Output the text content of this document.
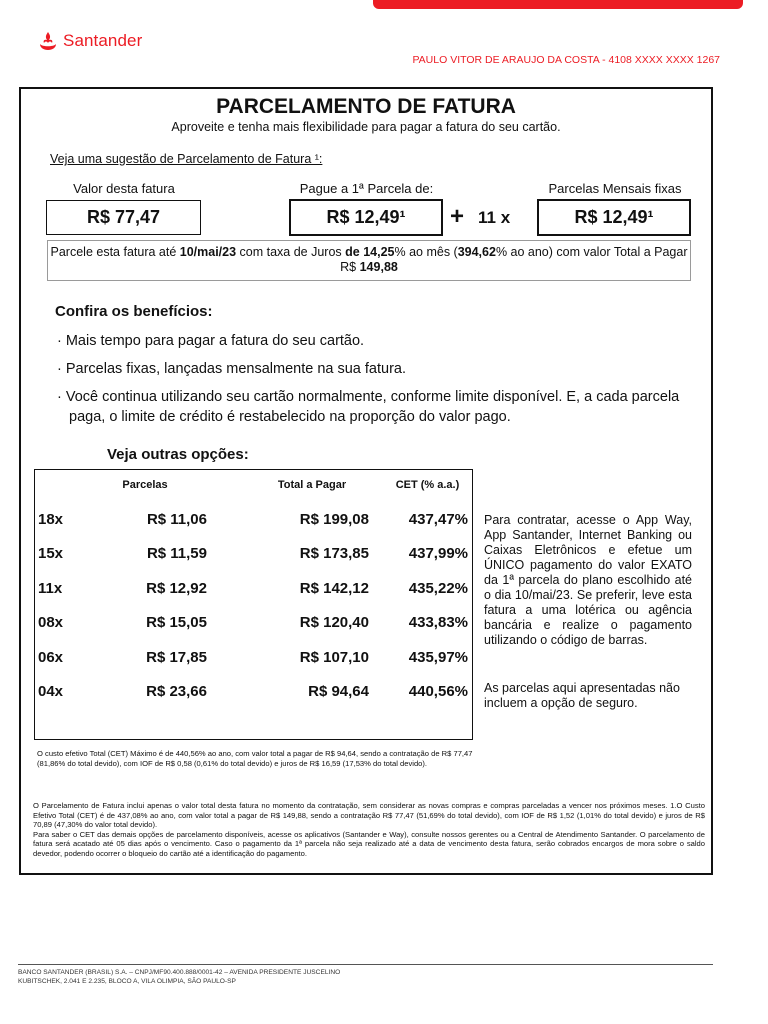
Santander
PAULO VITOR DE ARAUJO DA COSTA - 4108 XXXX XXXX 1267
PARCELAMENTO DE FATURA
Aproveite e tenha mais flexibilidade para pagar a fatura do seu cartão.
Veja uma sugestão de Parcelamento de Fatura ¹:
Valor desta fatura
R$ 77,47
Pague a 1ª Parcela de:
R$ 12,49¹	+ 11 x
Parcelas Mensais fixas
R$ 12,49¹
Parcele esta fatura até 10/mai/23 com taxa de Juros de 14,25% ao mês (394,62% ao ano) com valor Total a Pagar R$ 149,88
Confira os benefícios:
· Mais tempo para pagar a fatura do seu cartão.
· Parcelas fixas, lançadas mensalmente na sua fatura.
· Você continua utilizando seu cartão normalmente, conforme limite disponível. E, a cada parcela paga, o limite de crédito é restabelecido na proporção do valor pago.
Veja outras opções:
Parcelas	Total a Pagar	CET (% a.a.)
18x	R$ 11,06	R$ 199,08	437,47%
15x	R$ 11,59	R$ 173,85	437,99%
11x	R$ 12,92	R$ 142,12	435,22%
08x	R$ 15,05	R$ 120,40	433,83%
06x	R$ 17,85	R$ 107,10	435,97%
04x	R$ 23,66	R$ 94,64	440,56%
Para contratar, acesse o App Way, App Santander, Internet Banking ou Caixas Eletrônicos e efetue um ÚNICO pagamento do valor EXATO da 1ª parcela do plano escolhido até o dia 10/mai/23. Se preferir, leve esta fatura a uma lotérica ou agência bancária e realize o pagamento utilizando o código de barras.
As parcelas aqui apresentadas não incluem a opção de seguro.
O custo efetivo Total (CET) Máximo é de 440,56% ao ano, com valor total a pagar de R$ 94,64, sendo a contratação de R$ 77,47 (81,86% do total devido), com IOF de R$ 0,58 (0,61% do total devido) e juros de R$ 16,59 (17,53% do total devido).
O Parcelamento de Fatura inclui apenas o valor total desta fatura no momento da contratação, sem considerar as novas compras e compras parceladas a vencer nos próximos meses. 1.O Custo Efetivo Total (CET) é de 437,08% ao ano, com valor total a pagar de R$ 149,88, sendo a contratação R$ 77,47 (51,69% do total devido), com IOF de R$ 1,52 (1,01% do total devido) e juros de R$ 70,89 (47,30% do valor total devido).
Para saber o CET das demais opções de parcelamento disponíveis, acesse os aplicativos (Santander e Way), consulte nossos gerentes ou a Central de Atendimento Santander. O parcelamento de fatura será acatado até 05 dias após o vencimento. Caso o pagamento da 1ª parcela não seja realizado até a data de vencimento desta fatura, serão cobrados encargos de mora sobre o saldo devedor, podendo ocorrer o bloqueio do cartão até a identificação do pagamento.
BANCO SANTANDER (BRASIL) S.A. – CNPJ/MF90.400.888/0001-42 – AVENIDA PRESIDENTE JUSCELINO
KUBITSCHEK, 2.041 E 2.235, BLOCO A, VILA OLIMPIA, SÃO PAULO-SP
